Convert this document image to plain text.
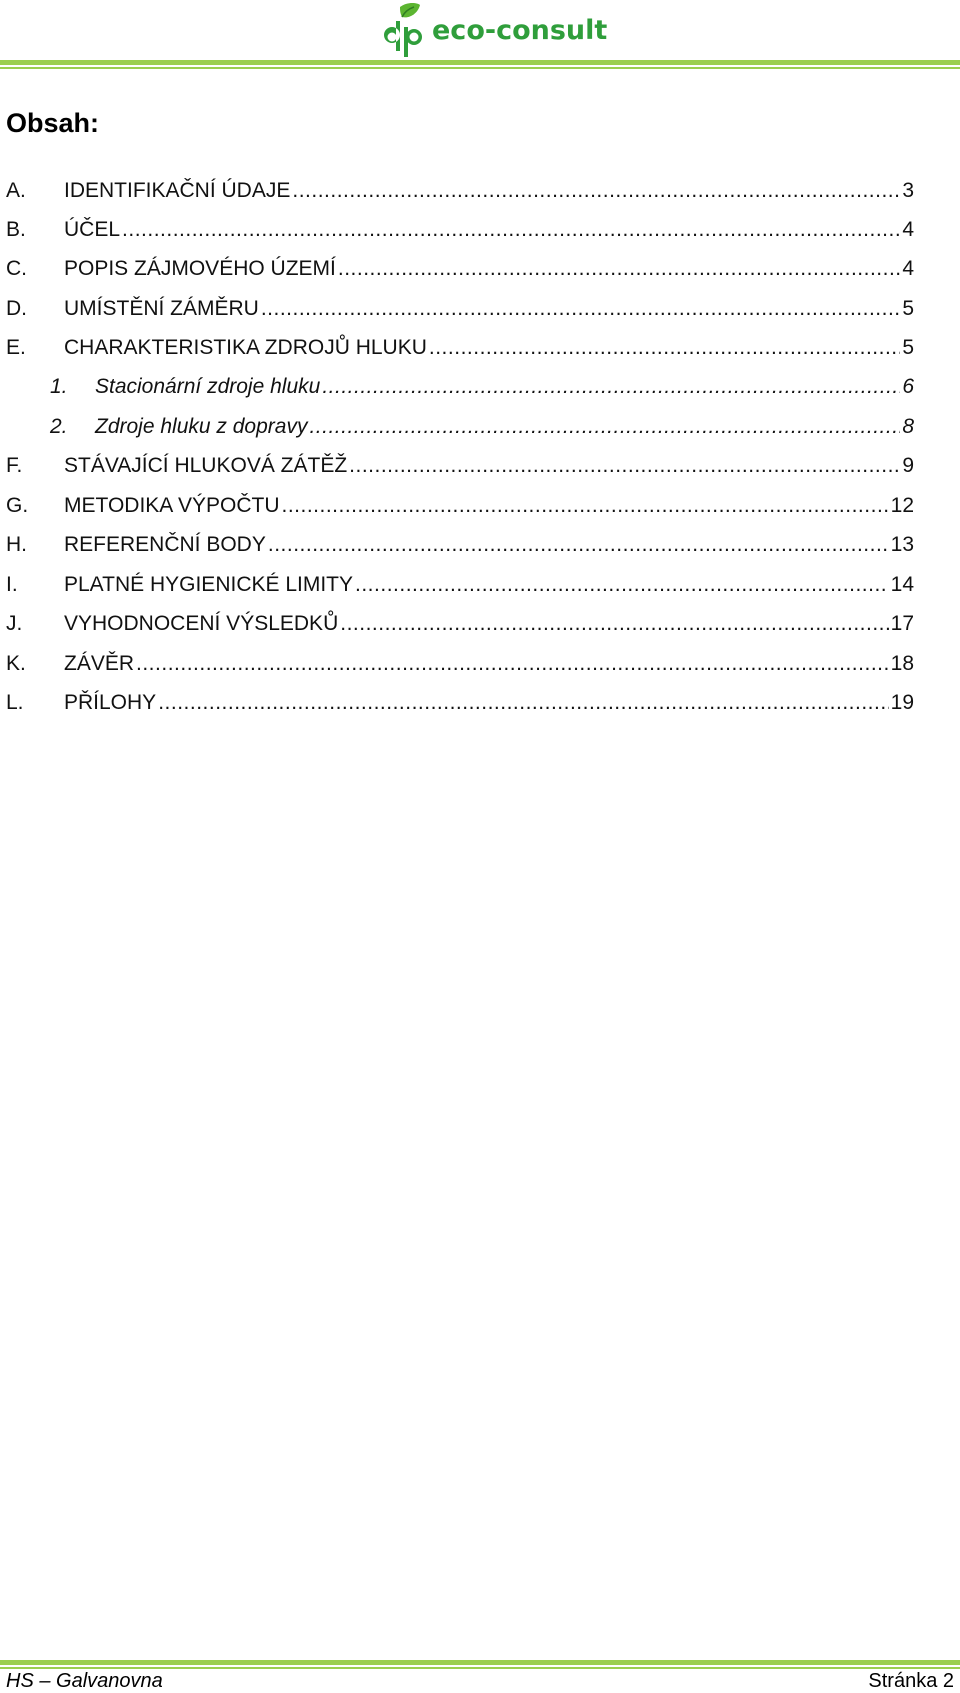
eco-consult
Obsah:
A. IDENTIFIKAČNÍ ÚDAJE .....	3
B. ÚČEL .....	4
C. POPIS ZÁJMOVÉHO ÚZEMÍ .....	4
D. UMÍSTĚNÍ ZÁMĚRU .....	5
E. CHARAKTERISTIKA ZDROJŮ HLUKU .....	5
1. Stacionární zdroje hluku .....	6
2. Zdroje hluku z dopravy .....	8
F. STÁVAJÍCÍ HLUKOVÁ ZÁTĚŽ .....	9
G. METODIKA VÝPOČTU .....	12
H. REFERENČNÍ BODY .....	13
I. PLATNÉ HYGIENICKÉ LIMITY .....	14
J. VYHODNOCENÍ VÝSLEDKŮ .....	17
K. ZÁVĚR .....	18
L. PŘÍLOHY .....	19
HS – Galvanovna	Stránka 2
